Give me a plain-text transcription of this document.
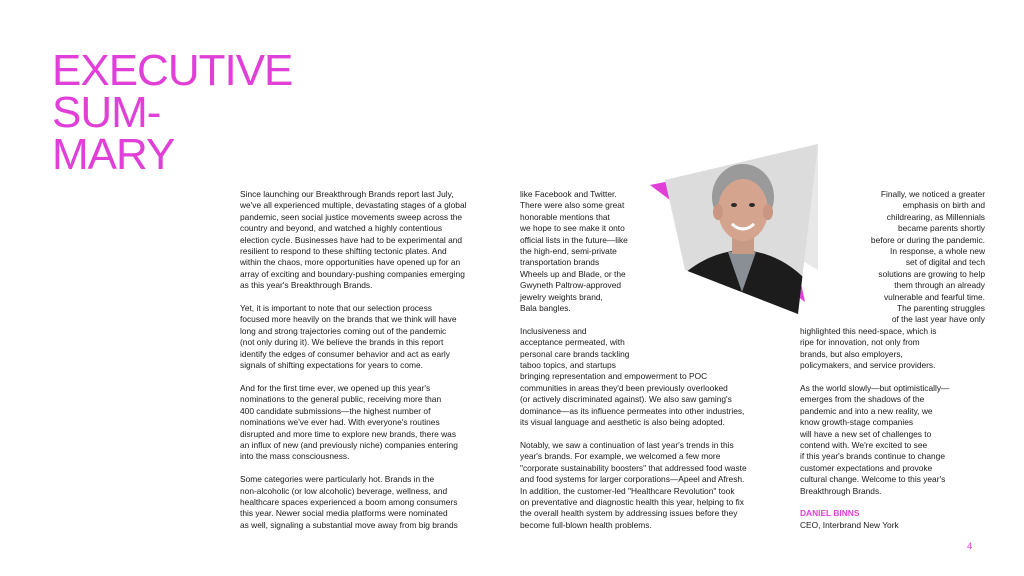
EXECUTIVE
SUM-
MARY

Since launching our Breakthrough Brands report last July,
we've all experienced multiple, devastating stages of a global
pandemic, seen social justice movements sweep across the
country and beyond, and watched a highly contentious
election cycle. Businesses have had to be experimental and
resilient to respond to these shifting tectonic plates. And
within the chaos, more opportunities have opened up for an
array of exciting and boundary-pushing companies emerging
as this year's Breakthrough Brands.

Yet, it is important to note that our selection process
focused more heavily on the brands that we think will have
long and strong trajectories coming out of the pandemic
(not only during it). We believe the brands in this report
identify the edges of consumer behavior and act as early
signals of shifting expectations for years to come.

And for the first time ever, we opened up this year's
nominations to the general public, receiving more than
400 candidate submissions—the highest number of
nominations we've ever had. With everyone's routines
disrupted and more time to explore new brands, there was
an influx of new (and previously niche) companies entering
into the mass consciousness.

Some categories were particularly hot. Brands in the
non-alcoholic (or low alcoholic) beverage, wellness, and
healthcare spaces experienced a boom among consumers
this year. Newer social media platforms were nominated
as well, signaling a substantial move away from big brands

like Facebook and Twitter.
There were also some great
honorable mentions that
we hope to see make it onto
official lists in the future—like
the high-end, semi-private
transportation brands
Wheels up and Blade, or the
Gwyneth Paltrow-approved
jewelry weights brand,
Bala bangles.

Inclusiveness and
acceptance permeated, with
personal care brands tackling
taboo topics, and startups
bringing representation and empowerment to POC
communities in areas they'd been previously overlooked
(or actively discriminated against). We also saw gaming's
dominance—as its influence permeates into other industries,
its visual language and aesthetic is also being adopted.

Notably, we saw a continuation of last year's trends in this
year's brands. For example, we welcomed a few more
"corporate sustainability boosters" that addressed food waste
and food systems for larger corporations—Apeel and Afresh.
In addition, the customer-led "Healthcare Revolution" took
on preventative and diagnostic health this year, helping to fix
the overall health system by addressing issues before they
become full-blown health problems.

Finally, we noticed a greater
emphasis on birth and
childrearing, as Millennials
became parents shortly
before or during the pandemic.
In response, a whole new
set of digital and tech
solutions are growing to help
them through an already
vulnerable and fearful time.
The parenting struggles
of the last year have only
highlighted this need-space, which is
ripe for innovation, not only from
brands, but also employers,
policymakers, and service providers.

As the world slowly—but optimistically—
emerges from the shadows of the
pandemic and into a new reality, we
know growth-stage companies
will have a new set of challenges to
contend with. We're excited to see
if this year's brands continue to change
customer expectations and provoke
cultural change. Welcome to this year's
Breakthrough Brands.

DANIEL BINNS
CEO, Interbrand New York
4
